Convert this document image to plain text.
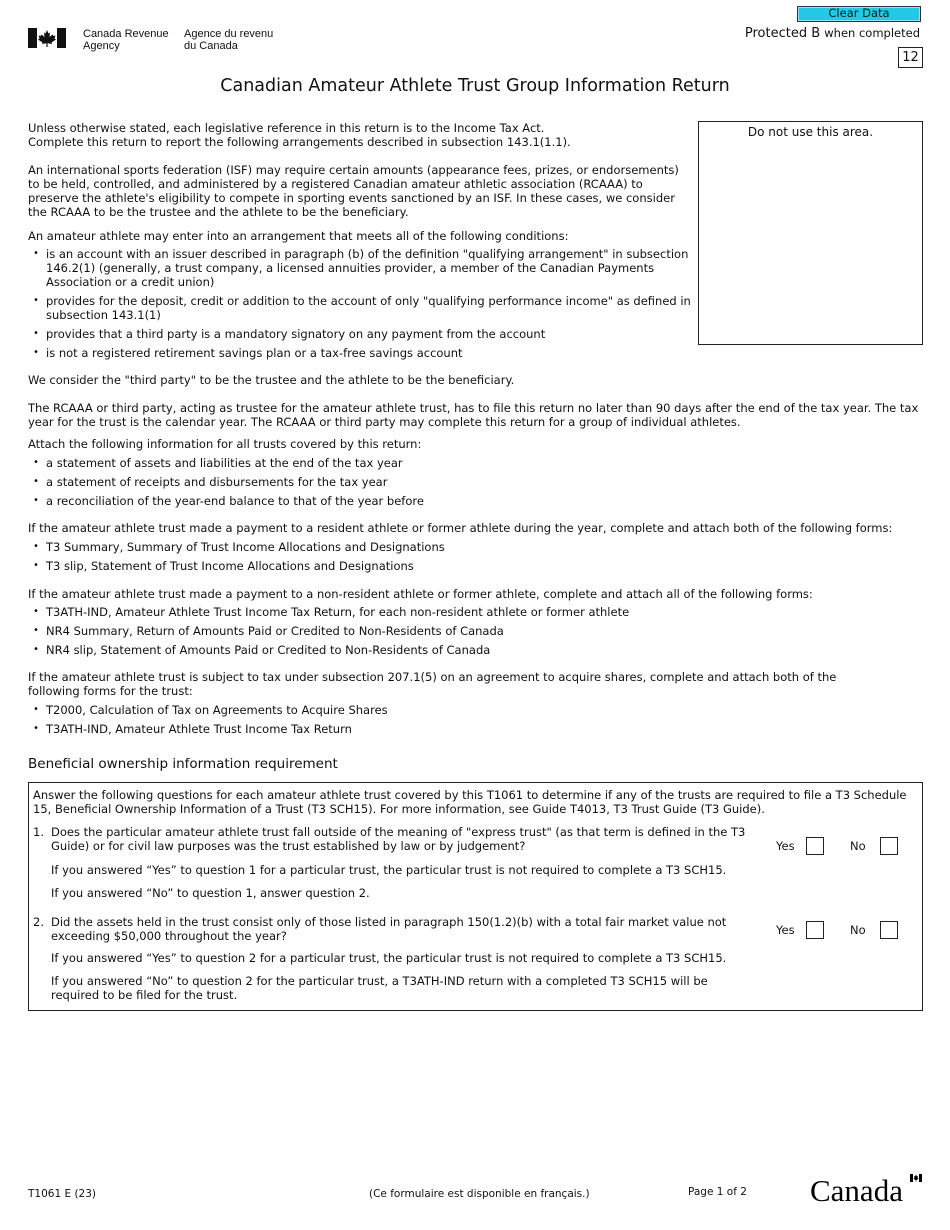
Canada Revenue
Agency
Agence du revenu
du Canada
Clear Data
Protected B when completed
12
Canadian Amateur Athlete Trust Group Information Return
Do not use this area.

Unless otherwise stated, each legislative reference in this return is to the Income Tax Act.

Complete this return to report the following arrangements described in subsection 143.1(1.1).

An international sports federation (ISF) may require certain amounts (appearance fees, prizes, or endorsements) to be held, controlled, and administered by a registered Canadian amateur athletic association (RCAAA) to preserve the athlete's eligibility to compete in sporting events sanctioned by an ISF. In these cases, we consider the RCAAA to be the trustee and the athlete to be the beneficiary.

An amateur athlete may enter into an arrangement that meets all of the following conditions:

• is an account with an issuer described in paragraph (b) of the definition "qualifying arrangement" in subsection 146.2(1) (generally, a trust company, a licensed annuities provider, a member of the Canadian Payments Association or a credit union)
• provides for the deposit, credit or addition to the account of only "qualifying performance income" as defined in subsection 143.1(1)
• provides that a third party is a mandatory signatory on any payment from the account
• is not a registered retirement savings plan or a tax-free savings account

We consider the "third party" to be the trustee and the athlete to be the beneficiary.

The RCAAA or third party, acting as trustee for the amateur athlete trust, has to file this return no later than 90 days after the end of the tax year. The tax year for the trust is the calendar year. The RCAAA or third party may complete this return for a group of individual athletes.

Attach the following information for all trusts covered by this return:

• a statement of assets and liabilities at the end of the tax year
• a statement of receipts and disbursements for the tax year
• a reconciliation of the year-end balance to that of the year before

If the amateur athlete trust made a payment to a resident athlete or former athlete during the year, complete and attach both of the following forms:

• T3 Summary, Summary of Trust Income Allocations and Designations
• T3 slip, Statement of Trust Income Allocations and Designations

If the amateur athlete trust made a payment to a non-resident athlete or former athlete, complete and attach all of the following forms:

• T3ATH-IND, Amateur Athlete Trust Income Tax Return, for each non-resident athlete or former athlete
• NR4 Summary, Return of Amounts Paid or Credited to Non-Residents of Canada
• NR4 slip, Statement of Amounts Paid or Credited to Non-Residents of Canada

If the amateur athlete trust is subject to tax under subsection 207.1(5) on an agreement to acquire shares, complete and attach both of the following forms for the trust:

• T2000, Calculation of Tax on Agreements to Acquire Shares
• T3ATH-IND, Amateur Athlete Trust Income Tax Return
Beneficial ownership information requirement

Answer the following questions for each amateur athlete trust covered by this T1061 to determine if any of the trusts are required to file a T3 Schedule 15, Beneficial Ownership Information of a Trust (T3 SCH15). For more information, see Guide T4013, T3 Trust Guide (T3 Guide).

1. Does the particular amateur athlete trust fall outside of the meaning of "express trust" (as that term is defined in the T3 Guide) or for civil law purposes was the trust established by law or by judgement?	Yes	No

If you answered “Yes” to question 1 for a particular trust, the particular trust is not required to complete a T3 SCH15.

If you answered “No” to question 1, answer question 2.

2. Did the assets held in the trust consist only of those listed in paragraph 150(1.2)(b) with a total fair market value not exceeding $50,000 throughout the year?	Yes	No

If you answered “Yes” to question 2 for a particular trust, the particular trust is not required to complete a T3 SCH15.

If you answered “No” to question 2 for the particular trust, a T3ATH-IND return with a completed T3 SCH15 will be required to be filed for the trust.

T1061 E (23)	(Ce formulaire est disponible en français.)	Page 1 of 2 Canada
